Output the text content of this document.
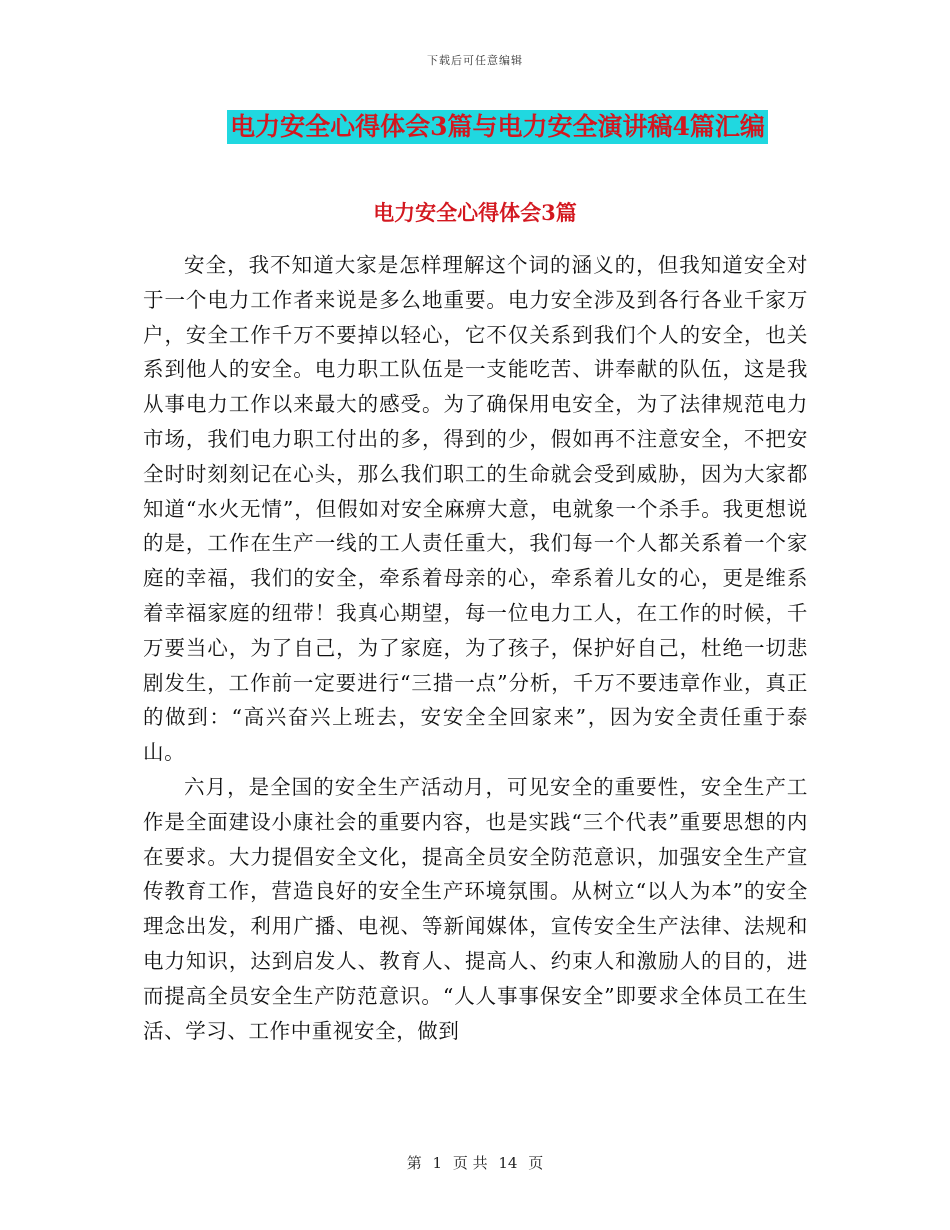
下载后可任意编辑
电力安全心得体会3篇与电力安全演讲稿4篇汇编
电力安全心得体会3篇

安全，我不知道大家是怎样理解这个词的涵义的，但我知道安全对于一个电力工作者来说是多么地重要。电力安全涉及到各行各业千家万户，安全工作千万不要掉以轻心，它不仅关系到我们个人的安全，也关系到他人的安全。电力职工队伍是一支能吃苦、讲奉献的队伍，这是我从事电力工作以来最大的感受。为了确保用电安全，为了法律规范电力市场，我们电力职工付出的多，得到的少，假如再不注意安全，不把安全时时刻刻记在心头，那么我们职工的生命就会受到威胁，因为大家都知道“水火无情”，但假如对安全麻痹大意，电就象一个杀手。我更想说的是，工作在生产一线的工人责任重大，我们每一个人都关系着一个家庭的幸福，我们的安全，牵系着母亲的心，牵系着儿女的心，更是维系着幸福家庭的纽带！我真心期望，每一位电力工人，在工作的时候，千万要当心，为了自己，为了家庭，为了孩子，保护好自己，杜绝一切悲剧发生，工作前一定要进行“三措一点”分析，千万不要违章作业，真正的做到：“高兴奋兴上班去，安安全全回家来”，因为安全责任重于泰山。

六月，是全国的安全生产活动月，可见安全的重要性，安全生产工作是全面建设小康社会的重要内容，也是实践“三个代表”重要思想的内在要求。大力提倡安全文化，提高全员安全防范意识，加强安全生产宣传教育工作，营造良好的安全生产环境氛围。从树立“以人为本”的安全理念出发，利用广播、电视、等新闻媒体，宣传安全生产法律、法规和电力知识，达到启发人、教育人、提高人、约束人和激励人的目的，进而提高全员安全生产防范意识。“人人事事保安全”即要求全体员工在生活、学习、工作中重视安全，做到

第 1 页 共 14 页
